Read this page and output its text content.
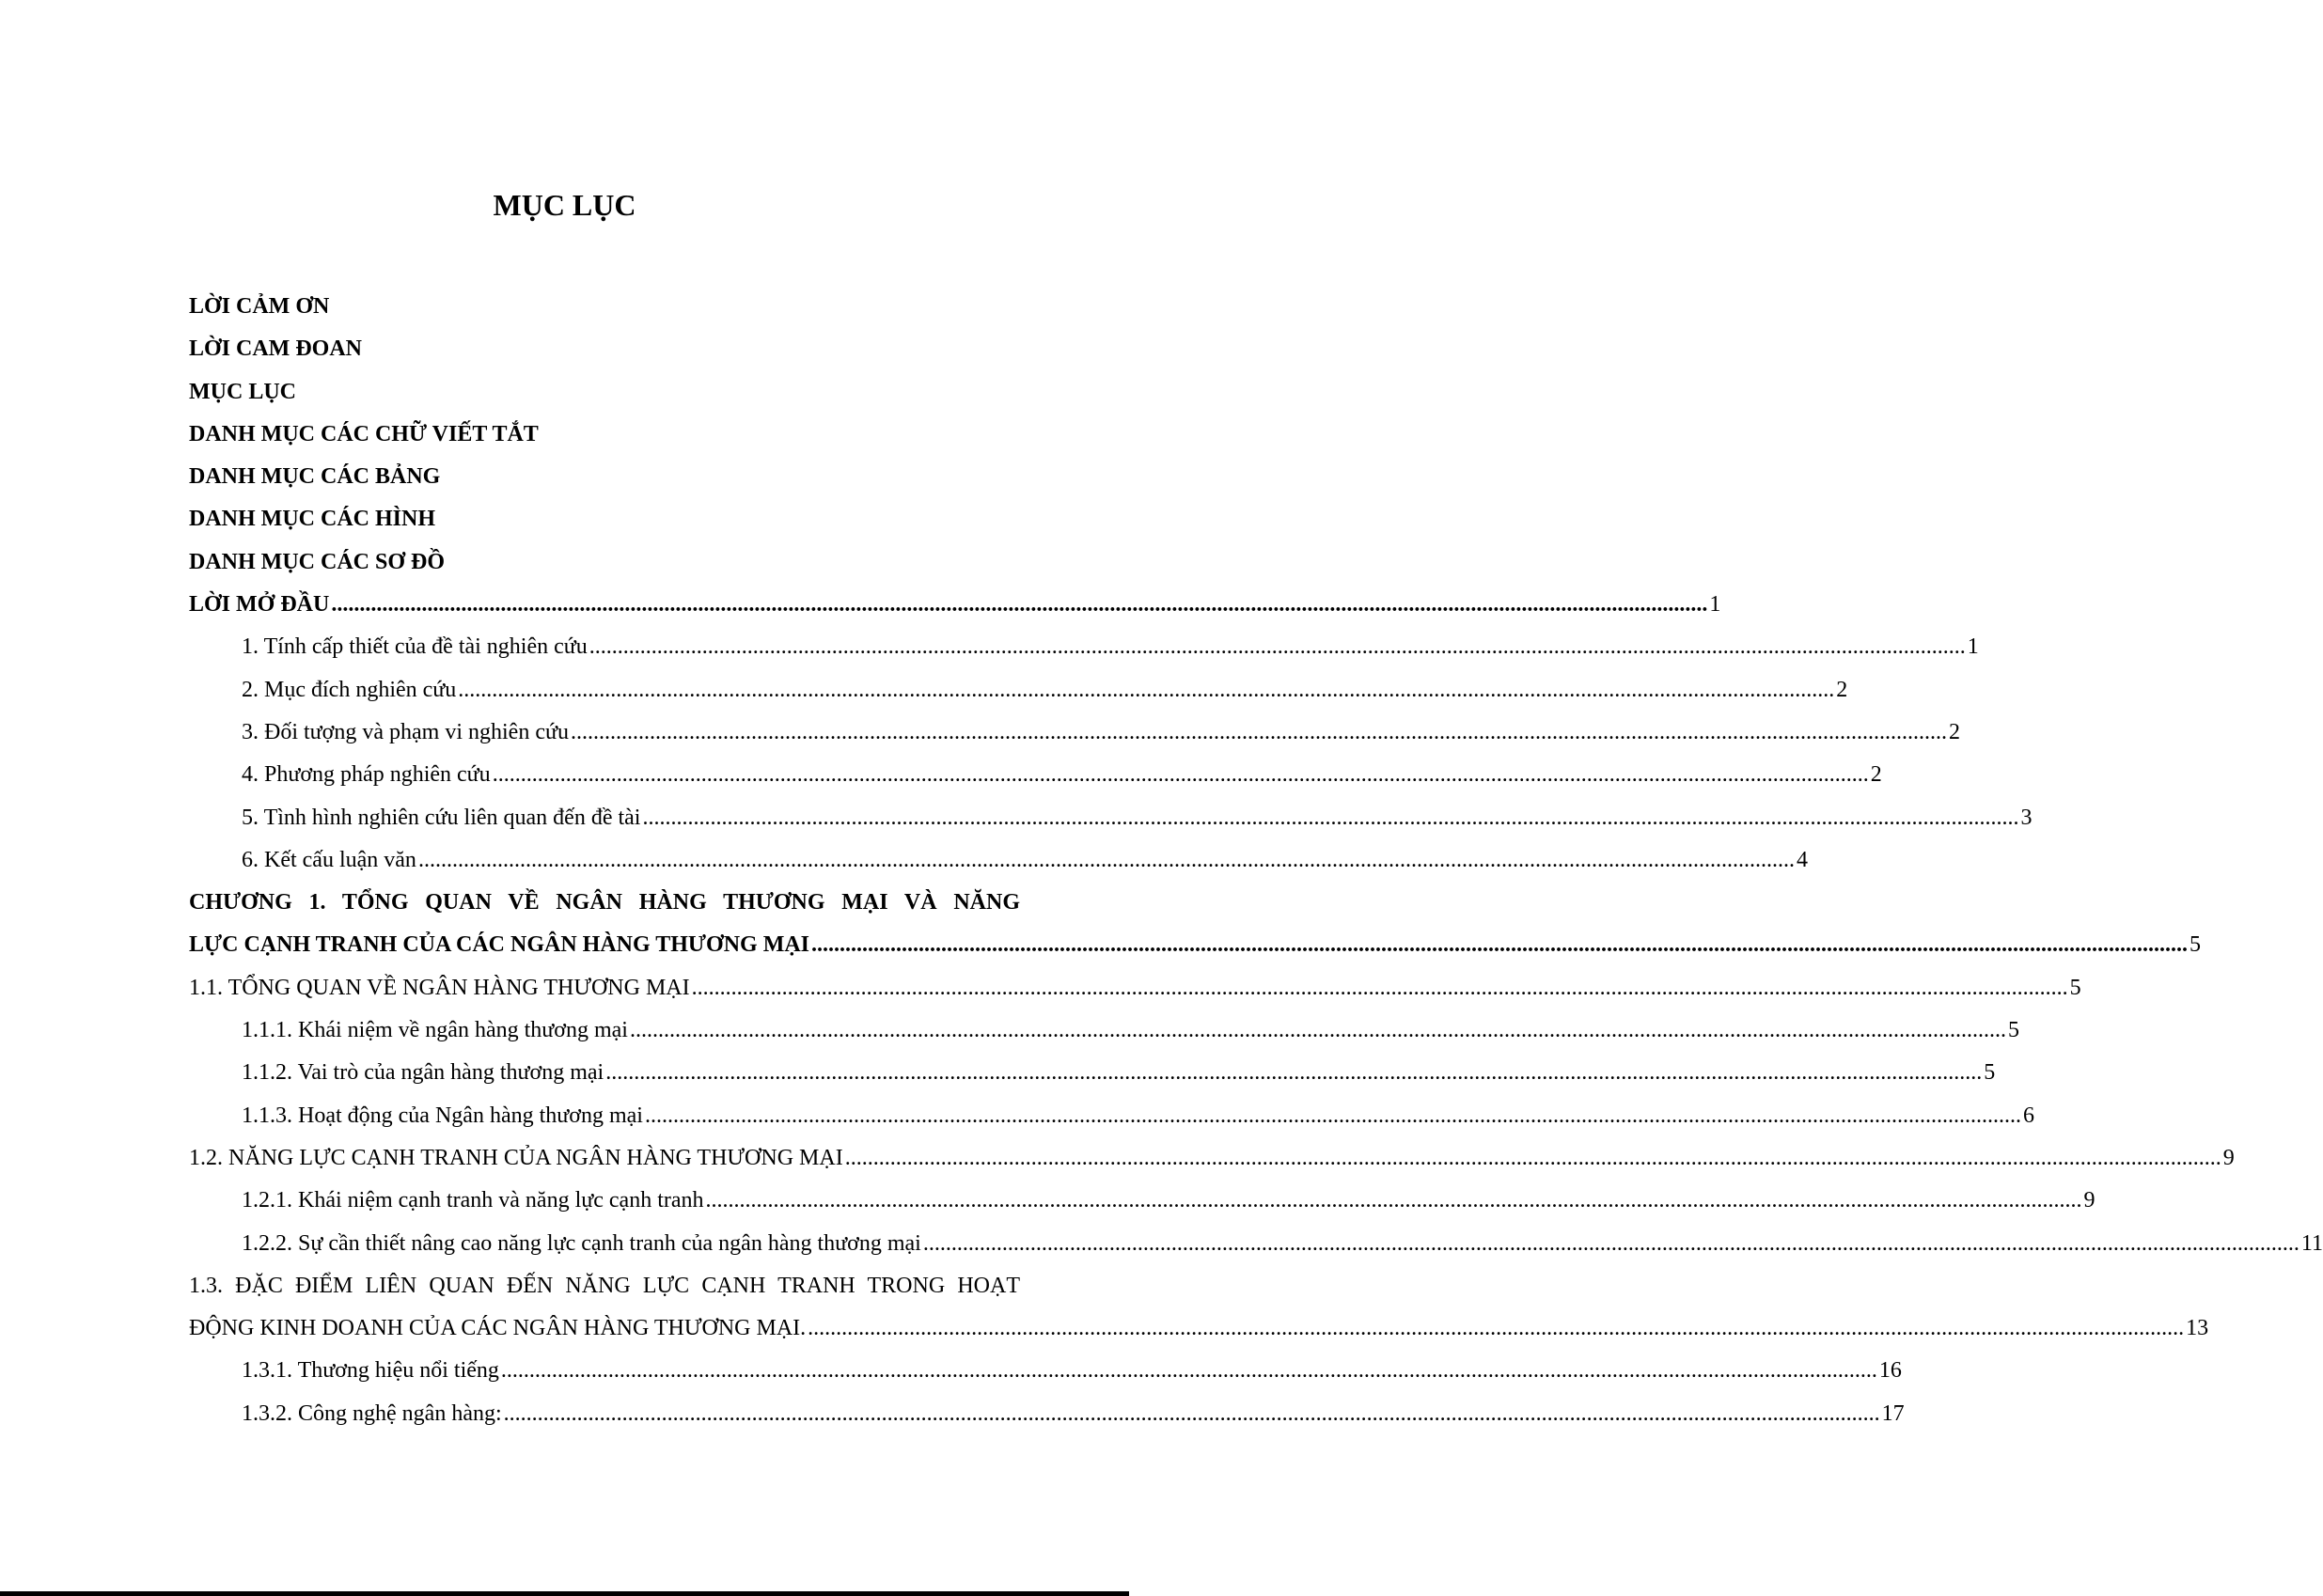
MỤC LỤC
LỜI CẢM ƠN
LỜI CAM ĐOAN
MỤC LỤC
DANH MỤC CÁC CHỮ VIẾT TẮT
DANH MỤC CÁC BẢNG
DANH MỤC CÁC HÌNH
DANH MỤC CÁC SƠ ĐỒ
LỜI MỞ ĐẦU .................................................................................................................................................................................................................................................... 1
1. Tính cấp thiết của đề tài nghiên cứu .................................................................................................................................................................................................................................................... 1
2. Mục đích nghiên cứu .................................................................................................................................................................................................................................................... 2
3. Đối tượng và phạm vi nghiên cứu .................................................................................................................................................................................................................................................... 2
4. Phương pháp nghiên cứu .................................................................................................................................................................................................................................................... 2
5. Tình hình nghiên cứu liên quan đến đề tài .................................................................................................................................................................................................................................................... 3
6. Kết cấu luận văn .................................................................................................................................................................................................................................................... 4
CHƯƠNG 1. TỔNG QUAN VỀ NGÂN HÀNG THƯƠNG MẠI VÀ NĂNG
LỰC CẠNH TRANH CỦA CÁC NGÂN HÀNG THƯƠNG MẠI .................................................................................................................................................................................................................................................... 5
1.1. TỔNG QUAN VỀ NGÂN HÀNG THƯƠNG MẠI .................................................................................................................................................................................................................................................... 5
1.1.1. Khái niệm về ngân hàng thương mại .................................................................................................................................................................................................................................................... 5
1.1.2. Vai trò của ngân hàng thương mại .................................................................................................................................................................................................................................................... 5
1.1.3. Hoạt động của Ngân hàng thương mại .................................................................................................................................................................................................................................................... 6
1.2. NĂNG LỰC CẠNH TRANH CỦA NGÂN HÀNG THƯƠNG MẠI .................................................................................................................................................................................................................................................... 9
1.2.1. Khái niệm cạnh tranh và năng lực cạnh tranh .................................................................................................................................................................................................................................................... 9
1.2.2. Sự cần thiết nâng cao năng lực cạnh tranh của ngân hàng thương mại .................................................................................................................................................................................................................................................... 11
1.3. ĐẶC ĐIỂM LIÊN QUAN ĐẾN NĂNG LỰC CẠNH TRANH TRONG HOẠT
ĐỘNG KINH DOANH CỦA CÁC NGÂN HÀNG THƯƠNG MẠI. .................................................................................................................................................................................................................................................... 13
1.3.1. Thương hiệu nổi tiếng .................................................................................................................................................................................................................................................... 16
1.3.2. Công nghệ ngân hàng: .................................................................................................................................................................................................................................................... 17
